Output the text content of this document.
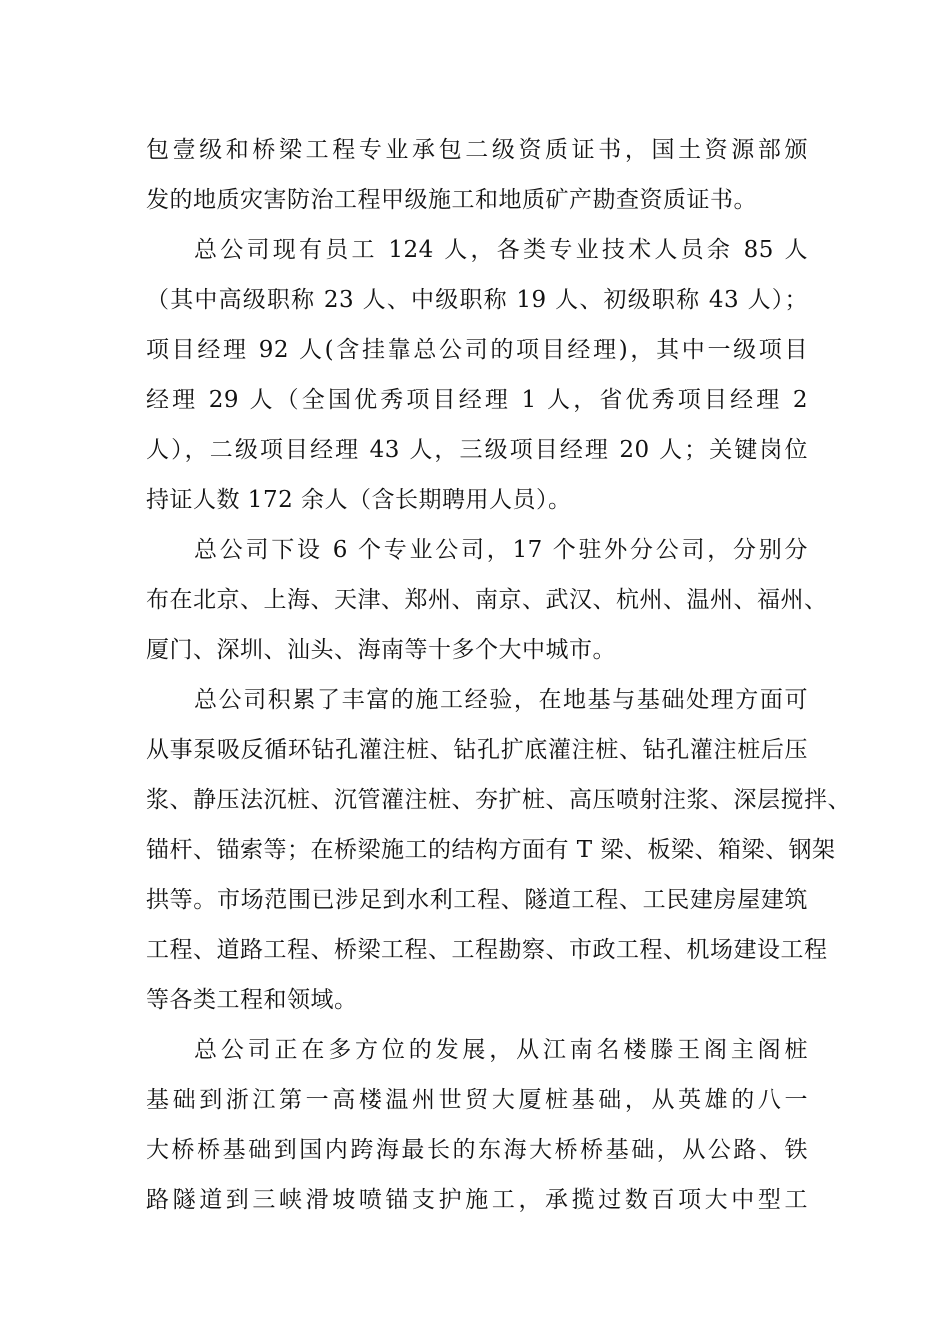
包壹级和桥梁工程专业承包二级资质证书，国土资源部颁
发的地质灾害防治工程甲级施工和地质矿产勘查资质证书。
总公司现有员工 124 人，各类专业技术人员余 85 人
（其中高级职称 23 人、中级职称 19 人、初级职称 43 人）；
项目经理 92 人(含挂靠总公司的项目经理)，其中一级项目
经理 29 人（全国优秀项目经理 1 人，省优秀项目经理 2
人），二级项目经理 43 人，三级项目经理 20 人；关键岗位
持证人数 172 余人（含长期聘用人员）。
总公司下设 6 个专业公司，17 个驻外分公司，分别分
布在北京、上海、天津、郑州、南京、武汉、杭州、温州、福州、
厦门、深圳、汕头、海南等十多个大中城市。
总公司积累了丰富的施工经验，在地基与基础处理方面可
从事泵吸反循环钻孔灌注桩、钻孔扩底灌注桩、钻孔灌注桩后压
浆、静压法沉桩、沉管灌注桩、夯扩桩、高压喷射注浆、深层搅拌、
锚杆、锚索等；在桥梁施工的结构方面有 T 梁、板梁、箱梁、钢架
拱等。市场范围已涉足到水利工程、隧道工程、工民建房屋建筑
工程、道路工程、桥梁工程、工程勘察、市政工程、机场建设工程
等各类工程和领域。
总公司正在多方位的发展，从江南名楼滕王阁主阁桩
基础到浙江第一高楼温州世贸大厦桩基础，从英雄的八一
大桥桥基础到国内跨海最长的东海大桥桥基础，从公路、铁
路隧道到三峡滑坡喷锚支护施工，承揽过数百项大中型工
